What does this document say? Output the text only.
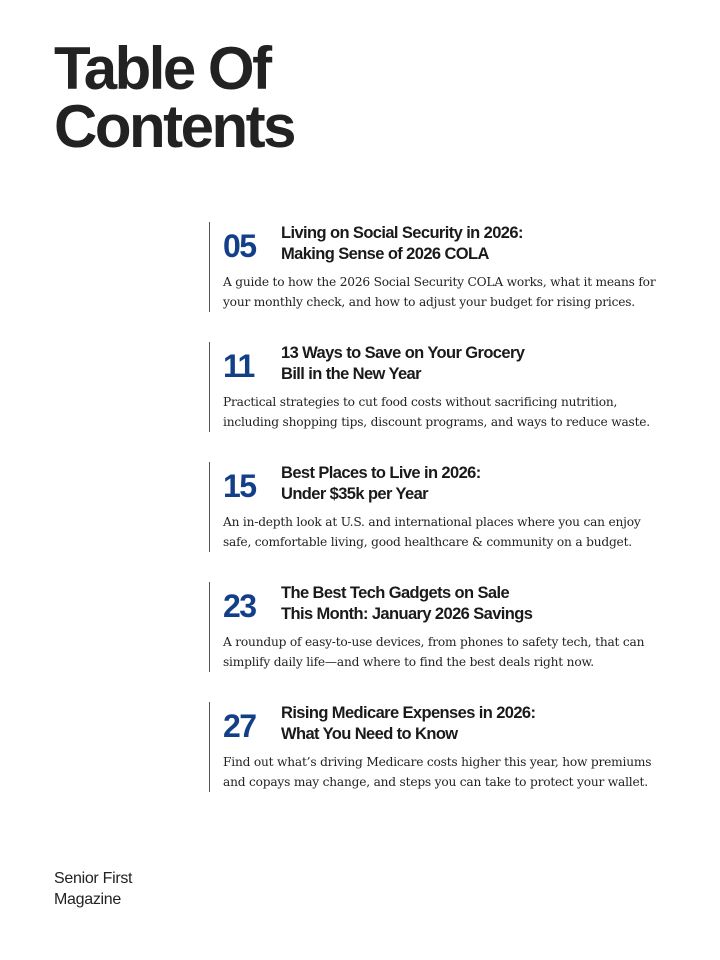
Table Of
Contents
05	Living on Social Security in 2026:
Making Sense of 2026 COLA
A guide to how the 2026 Social Security COLA works, what it means for
your monthly check, and how to adjust your budget for rising prices.
11	13 Ways to Save on Your Grocery
Bill in the New Year
Practical strategies to cut food costs without sacrificing nutrition,
including shopping tips, discount programs, and ways to reduce waste.
15	Best Places to Live in 2026:
Under $35k per Year
An in-depth look at U.S. and international places where you can enjoy
safe, comfortable living, good healthcare & community on a budget.
23	The Best Tech Gadgets on Sale
This Month: January 2026 Savings
A roundup of easy-to-use devices, from phones to safety tech, that can
simplify daily life—and where to find the best deals right now.
27	Rising Medicare Expenses in 2026:
What You Need to Know
Find out what’s driving Medicare costs higher this year, how premiums
and copays may change, and steps you can take to protect your wallet.
Senior First
Magazine
